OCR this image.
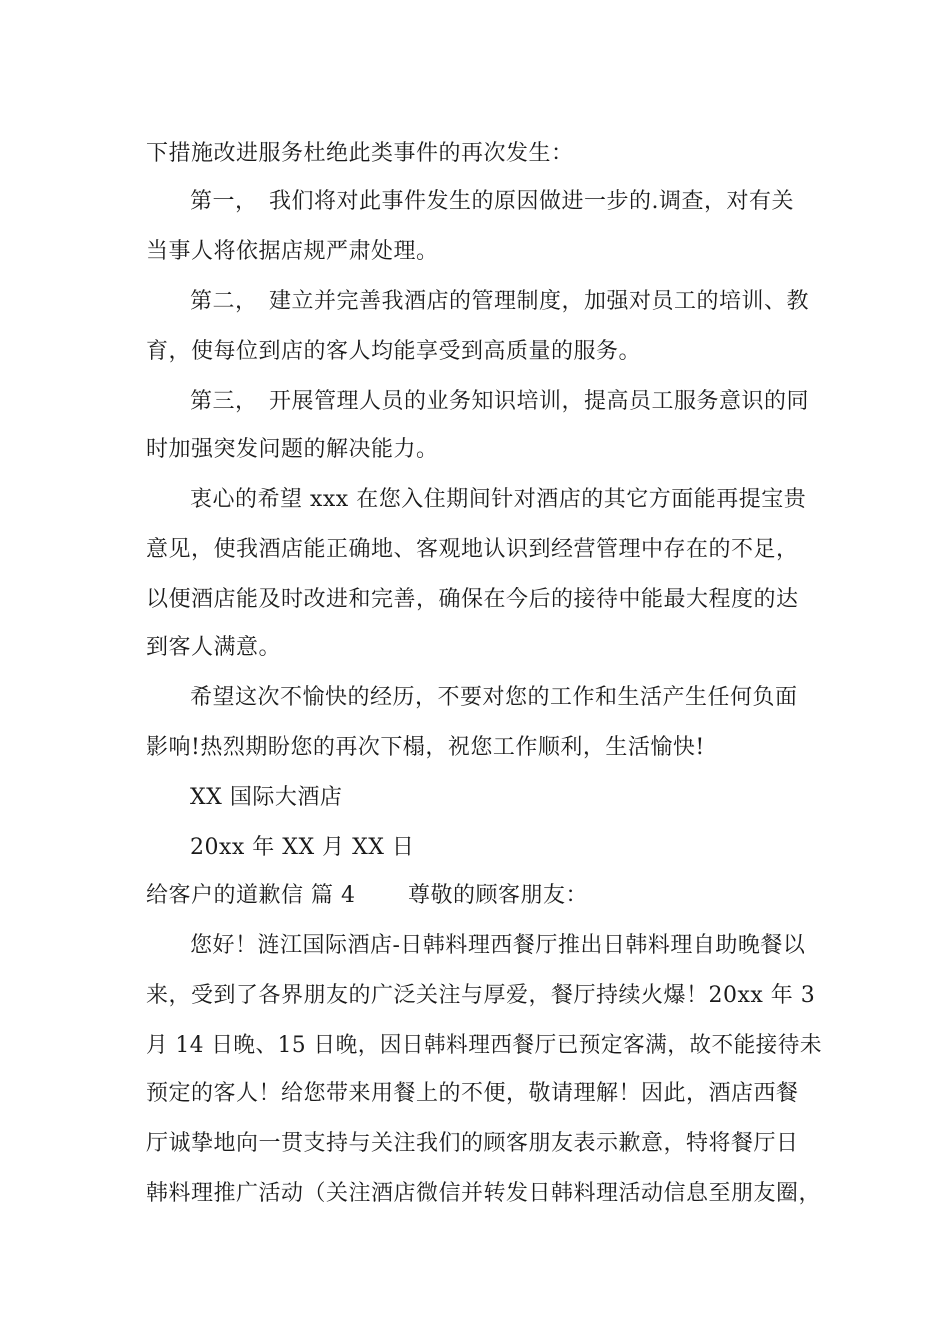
下措施改进服务杜绝此类事件的再次发生：
第一，　我们将对此事件发生的原因做进一步的.调查，对有关
当事人将依据店规严肃处理。
第二，　建立并完善我酒店的管理制度，加强对员工的培训、教
育，使每位到店的客人均能享受到高质量的服务。
第三，　开展管理人员的业务知识培训，提高员工服务意识的同
时加强突发问题的解决能力。
衷心的希望 xxx 在您入住期间针对酒店的其它方面能再提宝贵
意见，使我酒店能正确地、客观地认识到经营管理中存在的不足，
以便酒店能及时改进和完善，确保在今后的接待中能最大程度的达
到客人满意。
希望这次不愉快的经历，不要对您的工作和生活产生任何负面
影响!热烈期盼您的再次下榻，祝您工作顺利，生活愉快!
XX 国际大酒店
20xx 年 XX 月 XX 日
给客户的道歉信 篇 4　　 尊敬的顾客朋友：
您好！涟江国际酒店-日韩料理西餐厅推出日韩料理自助晚餐以
来，受到了各界朋友的广泛关注与厚爱，餐厅持续火爆！20xx 年 3
月 14 日晚、15 日晚，因日韩料理西餐厅已预定客满，故不能接待未
预定的客人！给您带来用餐上的不便，敬请理解！因此，酒店西餐
厅诚挚地向一贯支持与关注我们的顾客朋友表示歉意，特将餐厅日
韩料理推广活动（关注酒店微信并转发日韩料理活动信息至朋友圈，
